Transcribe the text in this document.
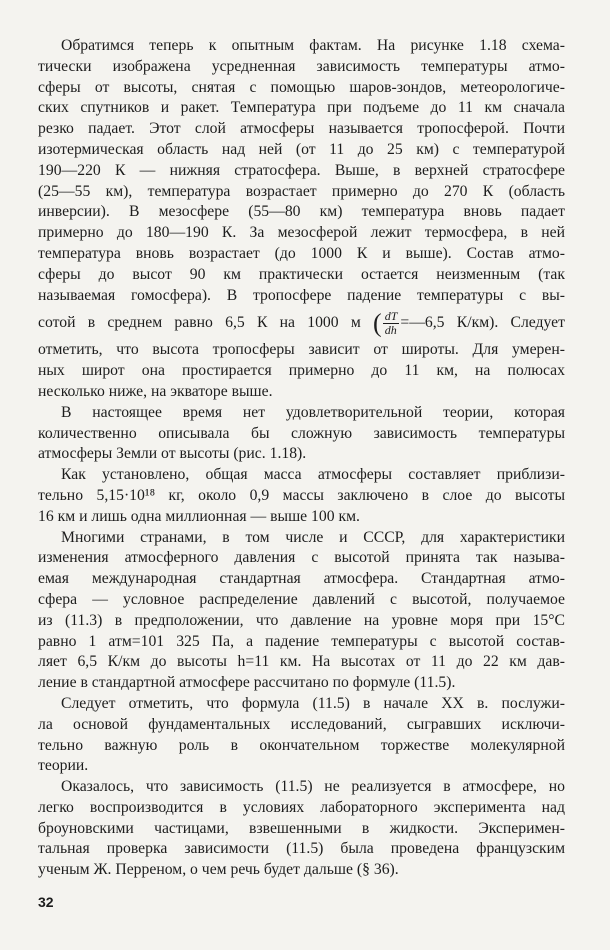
Обратимся теперь к опытным фактам. На рисунке 1.18 схема-
тически изображена усредненная зависимость температуры атмо-
сферы от высоты, снятая с помощью шаров-зондов, метеорологиче-
ских спутников и ракет. Температура при подъеме до 11 км сначала
резко падает. Этот слой атмосферы называется тропосферой. Почти
изотермическая область над ней (от 11 до 25 км) с температурой
190—220 К — нижняя стратосфера. Выше, в верхней стратосфере
(25—55 км), температура возрастает примерно до 270 К (область
инверсии). В мезосфере (55—80 км) температура вновь падает
примерно до 180—190 К. За мезосферой лежит термосфера, в ней
температура вновь возрастает (до 1000 К и выше). Состав атмо-
сферы до высот 90 км практически остается неизменным (так
называемая гомосфера). В тропосфере падение температуры с вы-
сотой в среднем равно 6,5 К на 1000 м ( $\frac{dT}{dh}$ =—6,5 К/км). Следует
отметить, что высота тропосферы зависит от широты. Для умерен-
ных широт она простирается примерно до 11 км, на полюсах
несколько ниже, на экваторе выше.
В настоящее время нет удовлетворительной теории, которая
количественно описывала бы сложную зависимость температуры
атмосферы Земли от высоты (рис. 1.18).
Как установлено, общая масса атмосферы составляет приблизи-
тельно 5,15·10¹⁸ кг, около 0,9 массы заключено в слое до высоты
16 км и лишь одна миллионная — выше 100 км.
Многими странами, в том числе и СССР, для характеристики
изменения атмосферного давления с высотой принята так называ-
емая международная стандартная атмосфера. Стандартная атмо-
сфера — условное распределение давлений с высотой, получаемое
из (11.3) в предположении, что давление на уровне моря при 15°С
равно 1 атм=101 325 Па, а падение температуры с высотой состав-
ляет 6,5 К/км до высоты h=11 км. На высотах от 11 до 22 км дав-
ление в стандартной атмосфере рассчитано по формуле (11.5).
Следует отметить, что формула (11.5) в начале XX в. послужи-
ла основой фундаментальных исследований, сыгравших исключи-
тельно важную роль в окончательном торжестве молекулярной
теории.
Оказалось, что зависимость (11.5) не реализуется в атмосфере, но
легко воспроизводится в условиях лабораторного эксперимента над
броуновскими частицами, взвешенными в жидкости. Эксперимен-
тальная проверка зависимости (11.5) была проведена французским
ученым Ж. Перреном, о чем речь будет дальше (§ 36).
32
